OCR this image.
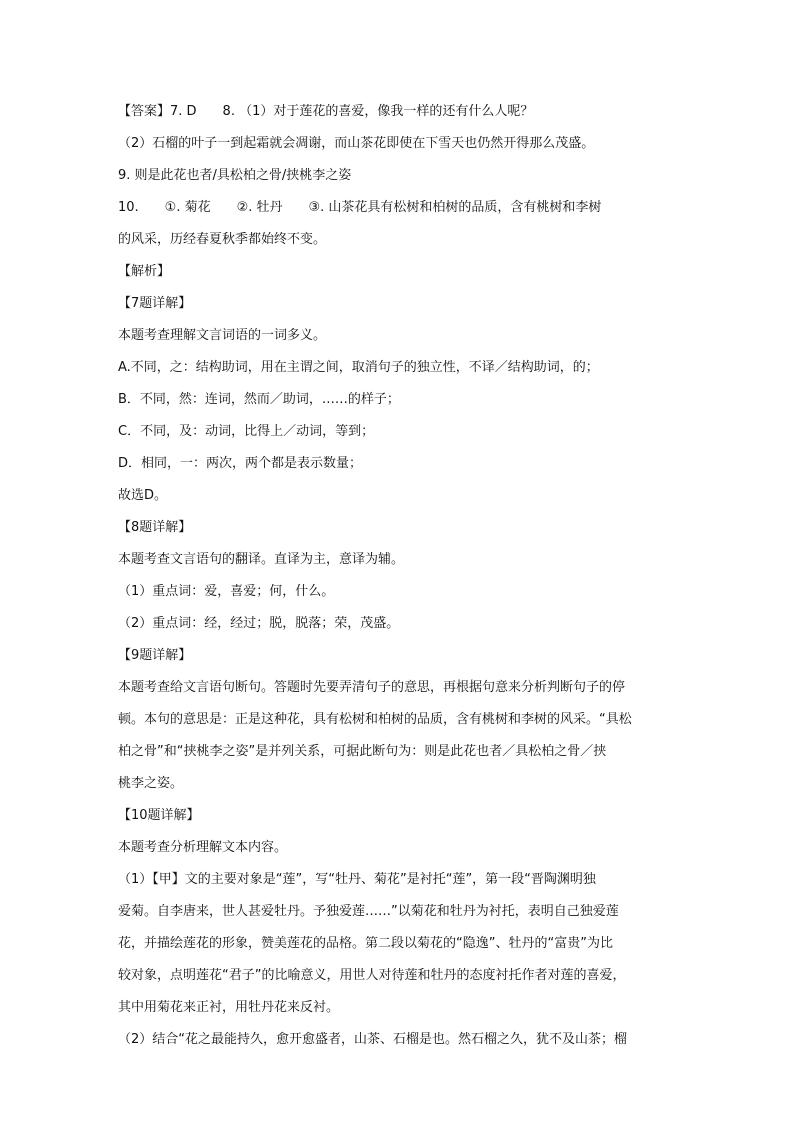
【答案】7. D　　8. （1）对于莲花的喜爱，像我一样的还有什么人呢？
（2）石榴的叶子一到起霜就会凋谢，而山茶花即使在下雪天也仍然开得那么茂盛。
9. 则是此花也者/具松柏之骨/挟桃李之姿
10.　　①. 菊花　　②. 牡丹　　③. 山茶花具有松树和柏树的品质，含有桃树和李树
的风采，历经春夏秋季都始终不变。
【解析】
【7题详解】
本题考查理解文言词语的一词多义。
A.不同，之：结构助词，用在主谓之间，取消句子的独立性，不译／结构助词，的；
B．不同，然：连词，然而／助词，……的样子；
C．不同，及：动词，比得上／动词，等到；
D．相同，一：两次，两个都是表示数量；
故选D。
【8题详解】
本题考查文言语句的翻译。直译为主，意译为辅。
（1）重点词：爱，喜爱；何，什么。
（2）重点词：经，经过；脱，脱落；荣，茂盛。
【9题详解】
本题考查给文言语句断句。答题时先要弄清句子的意思，再根据句意来分析判断句子的停
顿。本句的意思是：正是这种花，具有松树和柏树的品质，含有桃树和李树的风采。“具松
柏之骨”和“挟桃李之姿”是并列关系，可据此断句为：则是此花也者／具松柏之骨／挟
桃李之姿。
【10题详解】
本题考查分析理解文本内容。
（1）【甲】文的主要对象是“莲”，写“牡丹、菊花”是衬托“莲”，第一段“晋陶渊明独
爱菊。自李唐来，世人甚爱牡丹。予独爱莲……”以菊花和牡丹为衬托，表明自己独爱莲
花，并描绘莲花的形象，赞美莲花的品格。第二段以菊花的“隐逸”、牡丹的“富贵”为比
较对象，点明莲花“君子”的比喻意义，用世人对待莲和牡丹的态度衬托作者对莲的喜爱，
其中用菊花来正衬，用牡丹花来反衬。
（2）结合“花之最能持久，愈开愈盛者，山茶、石榴是也。然石榴之久，犹不及山茶；榴
